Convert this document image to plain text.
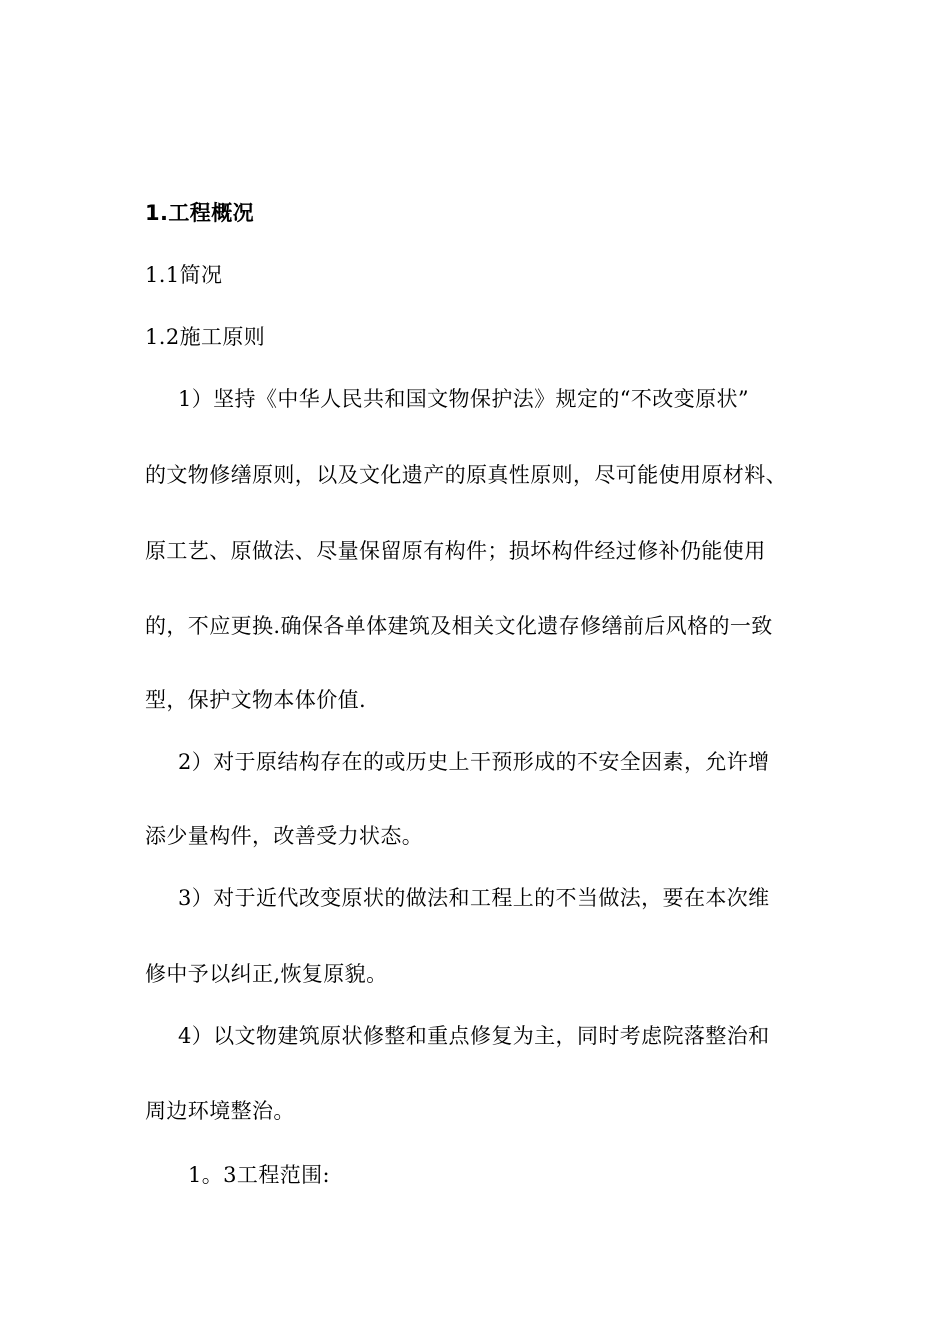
1.工程概况
1.1简况
1.2施工原则
1）坚持《中华人民共和国文物保护法》规定的“不改变原状”
的文物修缮原则，以及文化遗产的原真性原则，尽可能使用原材料、
原工艺、原做法、尽量保留原有构件；损坏构件经过修补仍能使用
的，不应更换.确保各单体建筑及相关文化遗存修缮前后风格的一致
型，保护文物本体价值.
2）对于原结构存在的或历史上干预形成的不安全因素，允许增
添少量构件，改善受力状态。
3）对于近代改变原状的做法和工程上的不当做法，要在本次维
修中予以纠正,恢复原貌。
4）以文物建筑原状修整和重点修复为主，同时考虑院落整治和
周边环境整治。
1。3工程范围:
